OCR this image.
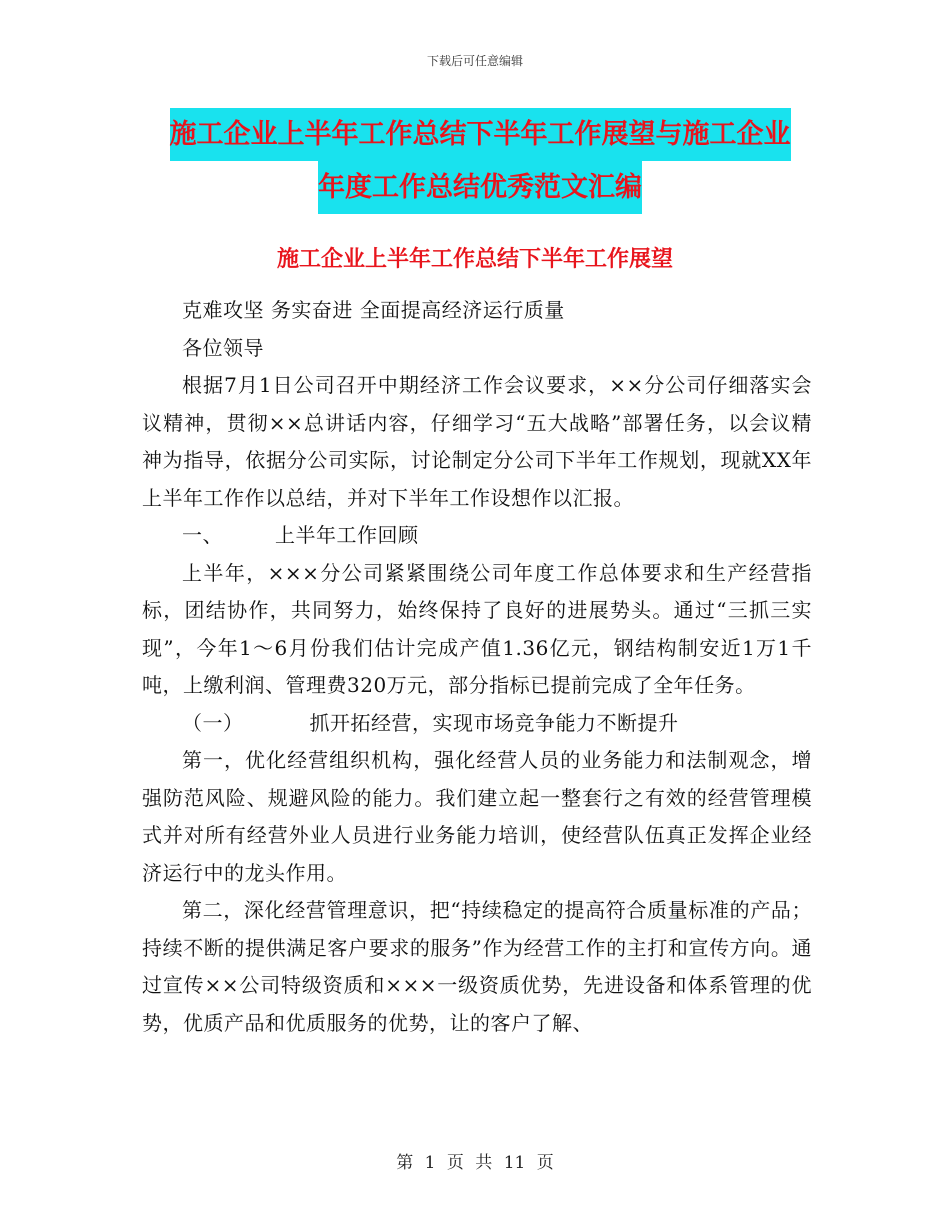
下载后可任意编辑
施工企业上半年工作总结下半年工作展望与施工企业
年度工作总结优秀范文汇编
施工企业上半年工作总结下半年工作展望

克难攻坚 务实奋进 全面提高经济运行质量

各位领导

根据7月1日公司召开中期经济工作会议要求，××分公司仔细落实会议精神，贯彻××总讲话内容，仔细学习“五大战略”部署任务，以会议精神为指导，依据分公司实际，讨论制定分公司下半年工作规划，现就XX年上半年工作作以总结，并对下半年工作设想作以汇报。

一、	上半年工作回顾

上半年，×××分公司紧紧围绕公司年度工作总体要求和生产经营指标，团结协作，共同努力，始终保持了良好的进展势头。通过“三抓三实现”，今年1～6月份我们估计完成产值1.36亿元，钢结构制安近1万1千吨，上缴利润、管理费320万元，部分指标已提前完成了全年任务。

（一）	抓开拓经营，实现市场竞争能力不断提升

第一，优化经营组织机构，强化经营人员的业务能力和法制观念，增强防范风险、规避风险的能力。我们建立起一整套行之有效的经营管理模式并对所有经营外业人员进行业务能力培训，使经营队伍真正发挥企业经济运行中的龙头作用。

第二，深化经营管理意识，把“持续稳定的提高符合质量标准的产品；持续不断的提供满足客户要求的服务”作为经营工作的主打和宣传方向。通过宣传××公司特级资质和×××一级资质优势，先进设备和体系管理的优势，优质产品和优质服务的优势，让的客户了解、

第 1 页 共 11 页
